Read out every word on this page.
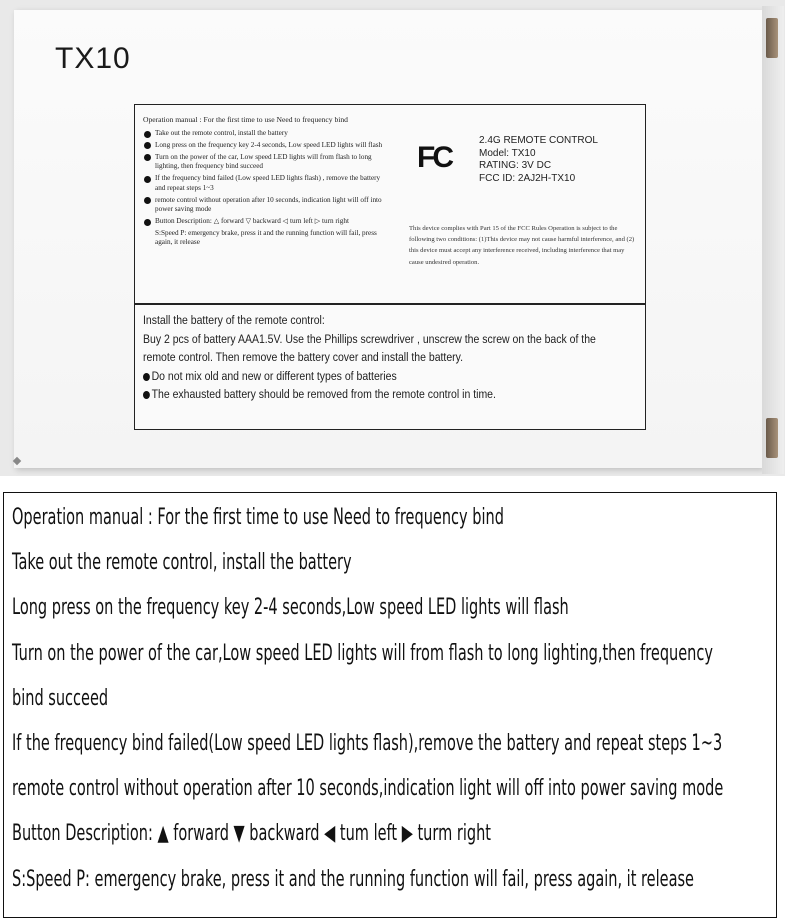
TX10
Operation manual : For the first time to use Need to frequency bind
Take out the remote control, install the battery
Long press on the frequency key 2-4 seconds, Low speed LED lights will flash
Turn on the power of the car, Low speed LED lights will from flash to long lighting, then frequency bind succeed
If the frequency bind failed (Low speed LED lights flash) , remove the battery and repeat steps 1~3
remote control without operation after 10 seconds, indication light will off into power saving mode
Button Description: △ forward ▽ backward ◁ turn left ▷ turn right
S:Speed P: emergency brake, press it and the running function will fail, press again, it release
FC
2.4G REMOTE CONTROL
Model: TX10
RATING: 3V DC
FCC ID: 2AJ2H-TX10
This device complies with Part 15 of the FCC Rules Operation is subject to the following two conditions: (1)This device may not cause harmful interference, and (2) this device must accept any interference received, including interference that may cause undesired operation.
Install the battery of the remote control:
Buy 2 pcs of battery AAA1.5V. Use the Phillips screwdriver , unscrew the screw on the back of the
remote control. Then remove the battery cover and install the battery.
Do not mix old and new or different types of batteries
The exhausted battery should be removed from the remote control in time.
Operation manual : For the first time to use Need to frequency bind
Take out the remote control, install the battery
Long press on the frequency key 2-4 seconds,Low speed LED lights will flash
Turn on the power of the car,Low speed LED lights will from flash to long lighting,then frequency
bind succeed
If the frequency bind failed(Low speed LED lights flash),remove the battery and repeat steps 1~3
remote control without operation after 10 seconds,indication light will off into power saving mode
Button Description: ▲ forward ▼ backward ◀ tum left ▶ turm right
S:Speed P: emergency brake, press it and the running function will fail, press again, it release
